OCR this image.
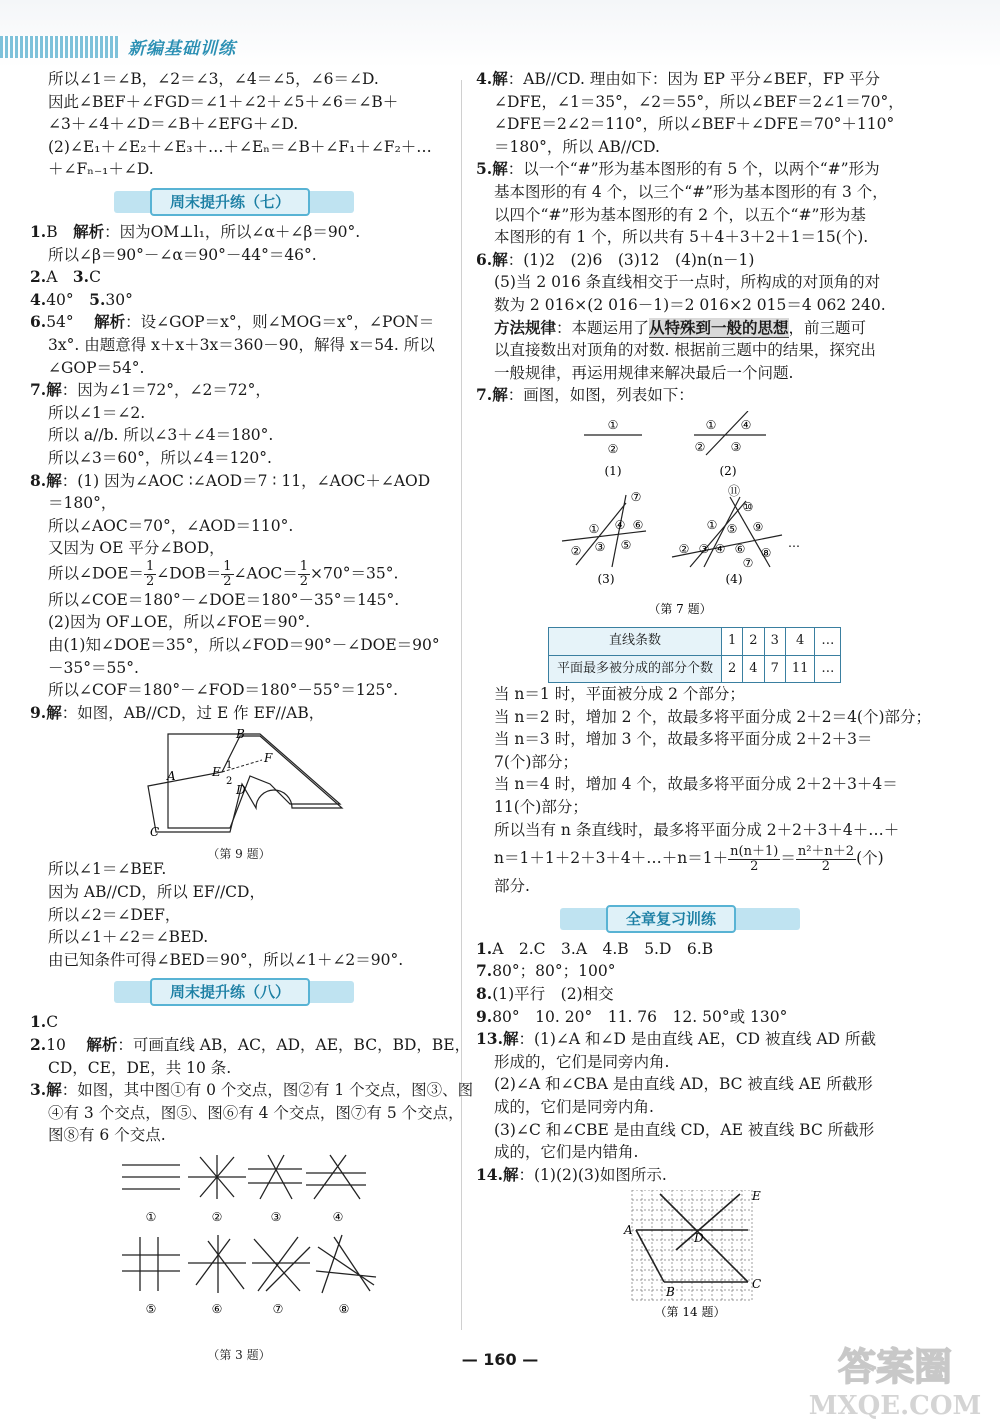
新编基础训练
所以∠1＝∠B，∠2＝∠3，∠4＝∠5，∠6＝∠D.
因此∠BEF＋∠FGD＝∠1＋∠2＋∠5＋∠6＝∠B＋
∠3＋∠4＋∠D＝∠B＋∠EFG＋∠D.
(2)∠E₁＋∠E₂＋∠E₃＋…＋∠Eₙ＝∠B＋∠F₁＋∠F₂＋…
＋∠Fₙ₋₁＋∠D.
周末提升练（七）
1.B　解析：因为OM⊥l₁，所以∠α＋∠β＝90°.
所以∠β＝90°－∠α＝90°－44°＝46°.
2.A　3.C
4.40°　5.30°
6.54°　 解析：设∠GOP＝x°，则∠MOG＝x°，∠PON＝
3x°. 由题意得 x＋x＋3x＝360－90，解得 x＝54. 所以
∠GOP＝54°.
7.解：因为∠1＝72°，∠2＝72°，
所以∠1＝∠2.
所以 a//b. 所以∠3＋∠4＝180°.
所以∠3＝60°，所以∠4＝120°.
8.解：(1) 因为∠AOC ∶∠AOD＝7 ∶ 11，∠AOC＋∠AOD
＝180°，
所以∠AOC＝70°，∠AOD＝110°.
又因为 OE 平分∠BOD，
所以∠DOE＝ $\frac{1}{2}$ ∠DOB＝ $\frac{1}{2}$ ∠AOC＝ $\frac{1}{2} \times 70^\circ=35^\circ$.
所以∠COE＝180°－∠DOE＝180°－35°＝145°.
(2)因为 OF⊥OE，所以∠FOE＝90°.
由(1)知∠DOE＝35°，所以∠FOD＝90°－∠DOE＝90°
－35°＝55°.
所以∠COF＝180°－∠FOD＝180°－55°＝125°.
9.解：如图，AB//CD，过 E 作 EF//AB，
A
B
E
F
1
2
D
C
（第 9 题）
所以∠1＝∠BEF.
因为 AB//CD，所以 EF//CD，
所以∠2＝∠DEF，
所以∠1＋∠2＝∠BED.
由已知条件可得∠BED＝90°，所以∠1＋∠2＝90°.
周末提升练（八）
1.C
2.10　 解析：可画直线 AB，AC，AD，AE，BC，BD，BE，
CD，CE，DE，共 10 条.
3.解：如图，其中图①有 0 个交点，图②有 1 个交点，图③、图
④有 3 个交点，图⑤、图⑥有 4 个交点，图⑦有 5 个交点，
图⑧有 6 个交点.
①	②	③	④
⑤	⑥	⑦	⑧
（第 3 题）
4.解：AB//CD. 理由如下：因为 EP 平分∠BEF，FP 平分
∠DFE，∠1＝35°，∠2＝55°，所以∠BEF＝2∠1＝70°，
∠DFE＝2∠2＝110°，所以∠BEF＋∠DFE＝70°＋110°
＝180°，所以 AB//CD.
5.解：以一个“#”形为基本图形的有 5 个，以两个“#”形为
基本图形的有 4 个，以三个“#”形为基本图形的有 3 个，
以四个“#”形为基本图形的有 2 个，以五个“#”形为基
本图形的有 1 个，所以共有 5＋4＋3＋2＋1＝15(个).
6.解：(1)2　(2)6　(3)12　(4)n(n－1)
(5)当 2 016 条直线相交于一点时，所构成的对顶角的对
数为 2 016×(2 016－1)＝2 016×2 015＝4 062 240.
方法规律：本题运用了从特殊到一般的思想，前三题可
以直接数出对顶角的对数. 根据前三题中的结果，探究出
一般规律，再运用规律来解决最后一个问题.
7.解：画图，如图，列表如下：
①
②
① ④
② ③
(1)	(2)
⑦
① ④ ⑥
② ③ ⑤
(3)
⑪
⑩
① ⑤ ⑨
② ③ ④ ⑥ ⑧
⑦
…
(4)
（第 7 题）
直线条数	1	2	3	4	…
平面最多被分成的部分个数	2	4	7	11	…
当 n＝1 时，平面被分成 2 个部分；
当 n＝2 时，增加 2 个，故最多将平面分成 2＋2＝4(个)部分；
当 n＝3 时，增加 3 个，故最多将平面分成 2＋2＋3＝
7(个)部分；
当 n＝4 时，增加 4 个，故最多将平面分成 2＋2＋3＋4＝
11(个)部分；
所以当有 n 条直线时，最多将平面分成 2＋2＋3＋4＋…＋
n＝1＋1＋2＋3＋4＋…＋n＝1＋ $\frac{n(n+1)}{2} = \frac{\text{n²＋n＋2}}{2}$ (个)
部分.
全章复习训练
1.A　2.C　3.A　4.B　5.D　6.B
7.80°；80°；100°
8.(1)平行　(2)相交
9.80°　10. 20°　11. 76　12. 50°或 130°
13.解：(1)∠A 和∠D 是由直线 AE，CD 被直线 AD 所截
形成的，它们是同旁内角.
(2)∠A 和∠CBA 是由直线 AD，BC 被直线 AE 所截形
成的，它们是同旁内角.
(3)∠C 和∠CBE 是由直线 CD，AE 被直线 BC 所截形
成的，它们是内错角.
14.解：(1)(2)(3)如图所示.
A
B
C
D
E
（第 14 题）
— 160 —	答案圈
MXQE.COM
